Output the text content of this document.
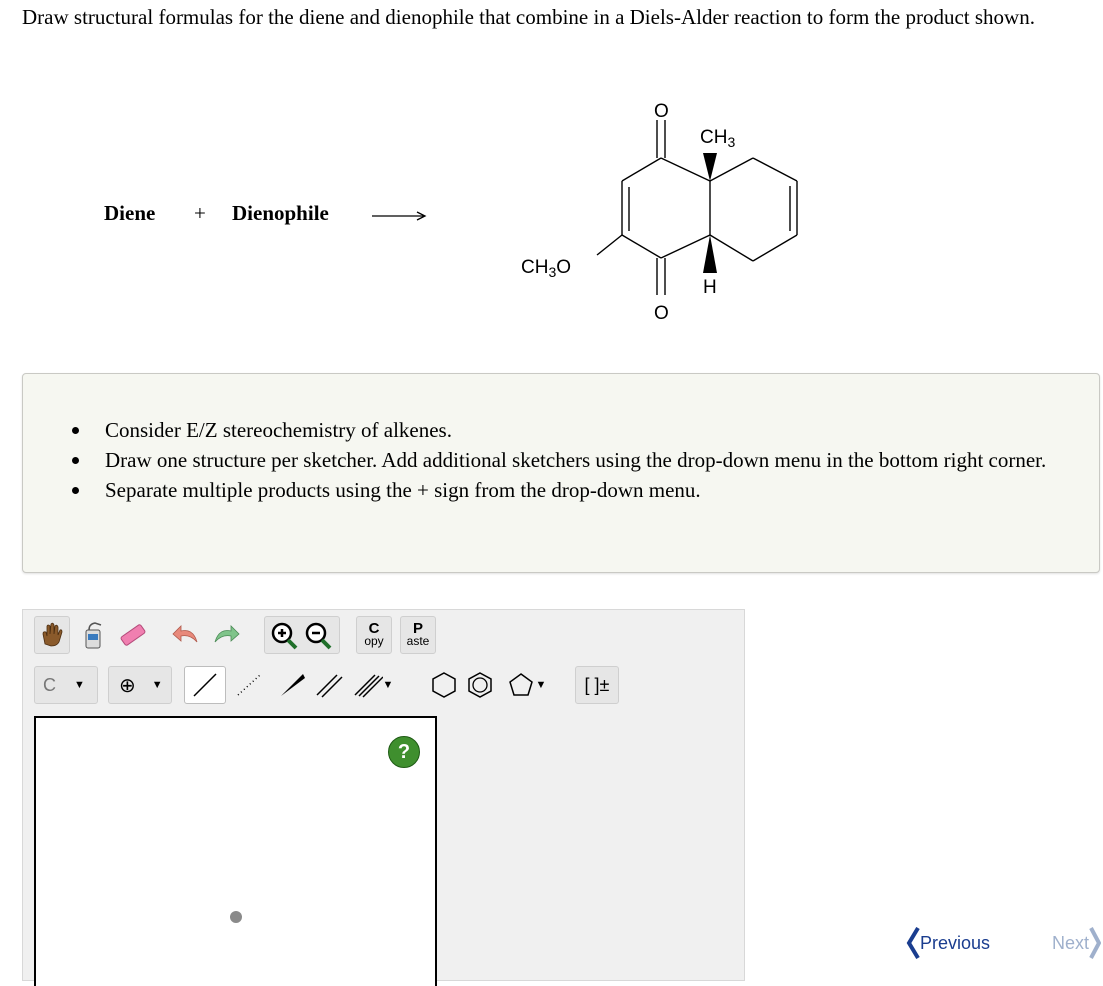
Draw structural formulas for the diene and dienophile that combine in a Diels-Alder reaction to form the product shown.

Diene + Dienophile
O
O
CH3O
CH3
H
Consider E/Z stereochemistry of alkenes.
Draw one structure per sketcher. Add additional sketchers using the drop-down menu in the bottom right corner.
Separate multiple products using the + sign from the drop-down menu.
C
opy
P
aste
C ▼ ⊕ ▼	▼	▼ [ ]±
?
Previous	Next
